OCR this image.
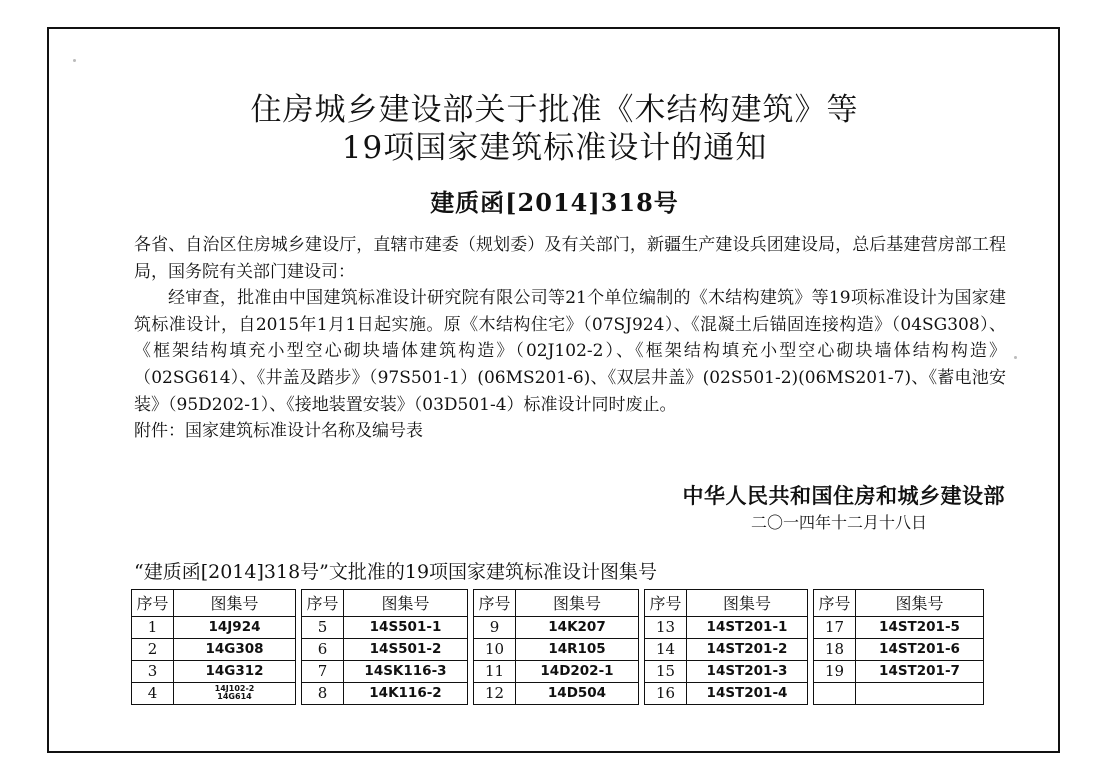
住房城乡建设部关于批准《木结构建筑》等
19项国家建筑标准设计的通知
建质函[2014]318号

各省、自治区住房城乡建设厅，直辖市建委（规划委）及有关部门，新疆生产建设兵团建设局，总后基建营房部工程局，国务院有关部门建设司：

经审查，批准由中国建筑标准设计研究院有限公司等21个单位编制的《木结构建筑》等19项标准设计为国家建筑标准设计，自2015年1月1日起实施。原《木结构住宅》（07SJ924）、《混凝土后锚固连接构造》（04SG308）、《框架结构填充小型空心砌块墙体建筑构造》（02J102-2）、《框架结构填充小型空心砌块墙体结构构造》（02SG614）、《井盖及踏步》（97S501-1）(06MS201-6)、《双层井盖》(02S501-2)(06MS201-7)、《蓄电池安装》（95D202-1）、《接地装置安装》（03D501-4）标准设计同时废止。

附件：国家建筑标准设计名称及编号表

中华人民共和国住房和城乡建设部
二〇一四年十二月十八日
“建质函[2014]318号”文批准的19项国家建筑标准设计图集号
序号	图集号
1	14J924
2	14G308
3	14G312
4	14J102-2
14G614
序号	图集号
5	14S501-1
6	14S501-2
7	14SK116-3
8	14K116-2
序号	图集号
9	14K207
10	14R105
11	14D202-1
12	14D504
序号	图集号
13	14ST201-1
14	14ST201-2
15	14ST201-3
16	14ST201-4
序号	图集号
17	14ST201-5
18	14ST201-6
19	14ST201-7
